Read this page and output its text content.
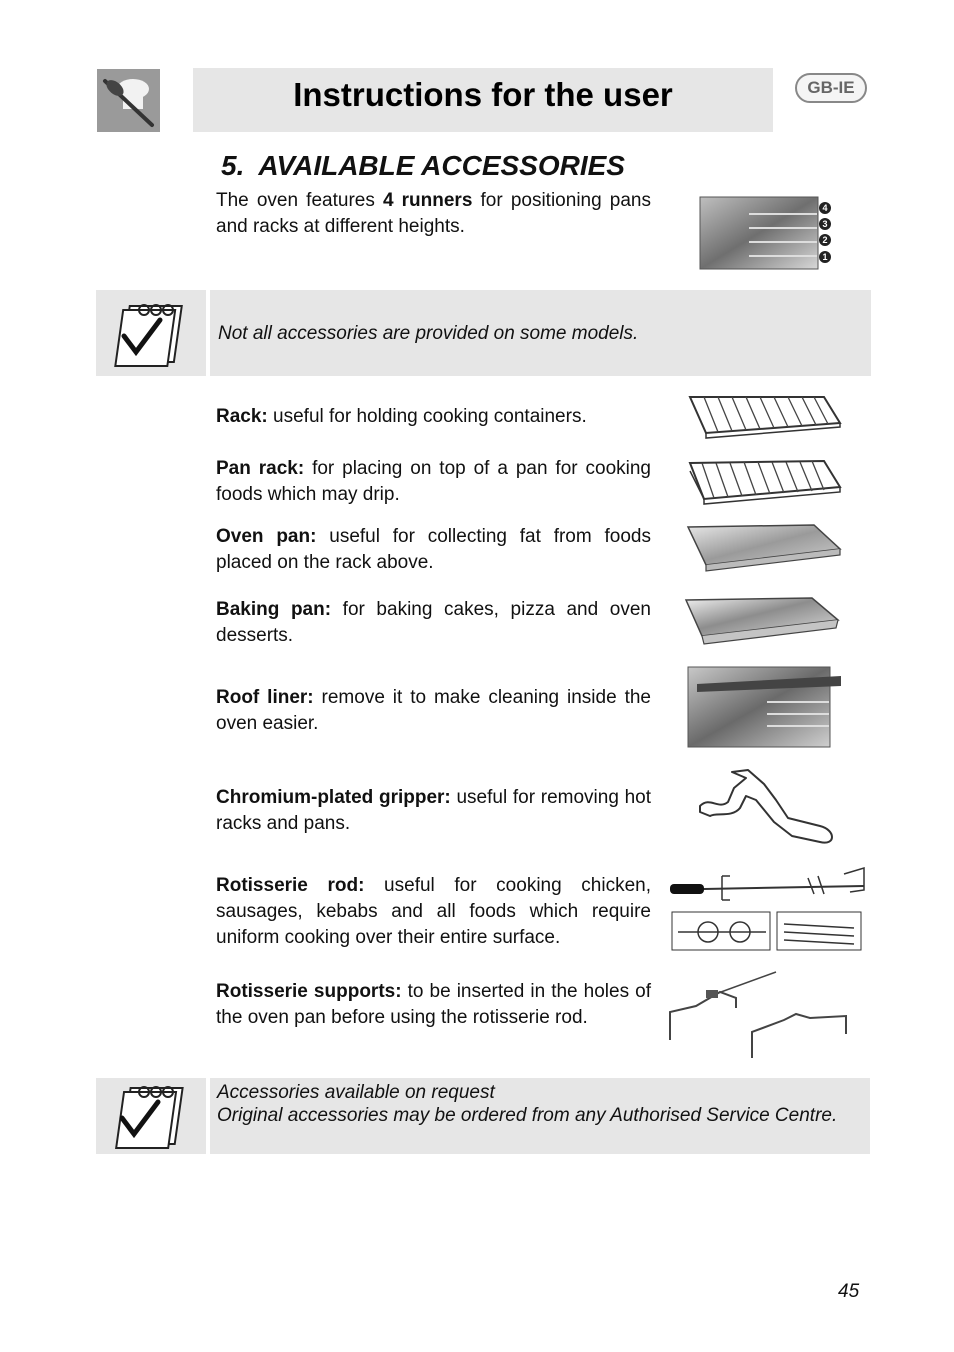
Instructions for the user	GB-IE
5. AVAILABLE ACCESSORIES
The oven features 4 runners for positioning pans and racks at different heights.
4
3
2
1
Not all accessories are provided on some models.
Rack: useful for holding cooking containers.
Pan rack: for placing on top of a pan for cooking foods which may drip.
Oven pan: useful for collecting fat from foods placed on the rack above.
Baking pan: for baking cakes, pizza and oven desserts.
Roof liner: remove it to make cleaning inside the oven easier.
Chromium-plated gripper: useful for removing hot racks and pans.
Rotisserie rod: useful for cooking chicken, sausages, kebabs and all foods which require uniform cooking over their entire surface.
Rotisserie supports: to be inserted in the holes of the oven pan before using the rotisserie rod.
Accessories available on request
Original accessories may be ordered from any Authorised Service Centre.
45
